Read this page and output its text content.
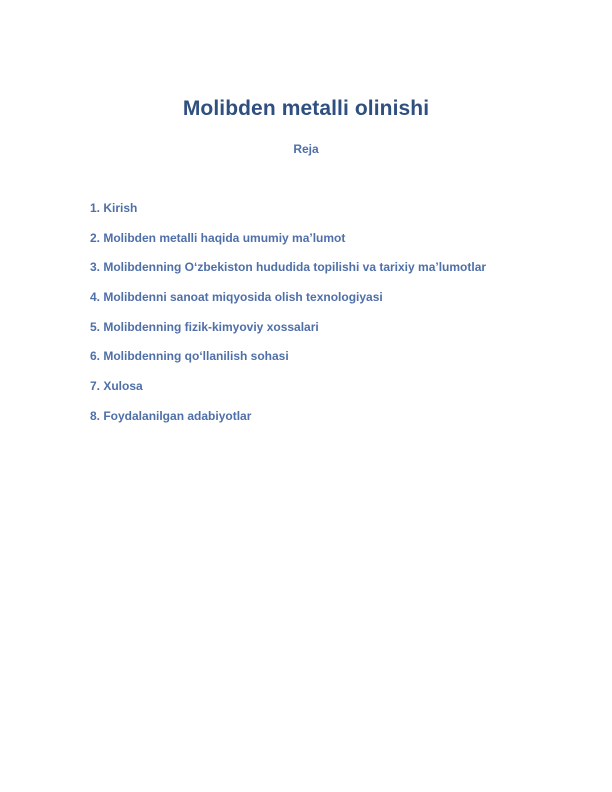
Molibden metalli olinishi
Reja
1. Kirish
2. Molibden metalli haqida umumiy ma’lumot
3. Molibdenning O‘zbekiston hududida topilishi va tarixiy ma’lumotlar
4. Molibdenni sanoat miqyosida olish texnologiyasi
5. Molibdenning fizik-kimyoviy xossalari
6. Molibdenning qo‘llanilish sohasi
7. Xulosa
8. Foydalanilgan adabiyotlar
